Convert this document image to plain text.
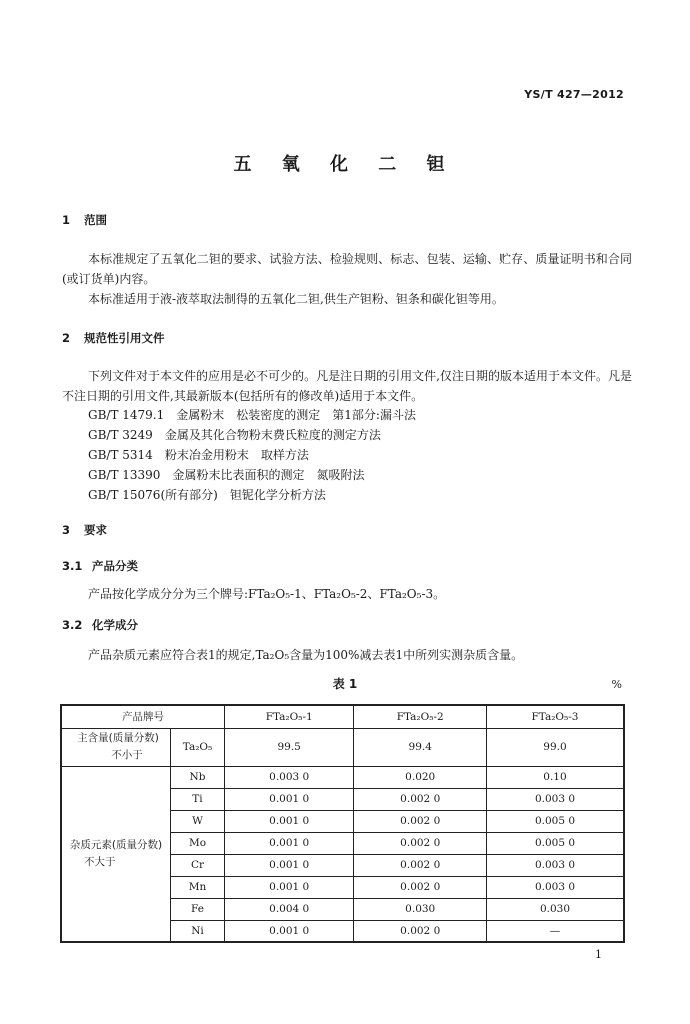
YS/T 427—2012
五 氧 化 二 钽
1 范围
本标准规定了五氧化二钽的要求、试验方法、检验规则、标志、包装、运输、贮存、质量证明书和合同(或订货单)内容。
本标准适用于液-液萃取法制得的五氧化二钽,供生产钽粉、钽条和碳化钽等用。
2 规范性引用文件
下列文件对于本文件的应用是必不可少的。凡是注日期的引用文件,仅注日期的版本适用于本文件。凡是不注日期的引用文件,其最新版本(包括所有的修改单)适用于本文件。
GB/T 1479.1　 金属粉末　松装密度的测定　第1部分:漏斗法
GB/T 3249　 金属及其化合物粉末费氏粒度的测定方法
GB/T 5314　 粉末冶金用粉末　取样方法
GB/T 13390　 金属粉末比表面积的测定　氮吸附法
GB/T 15076(所有部分)　 钽铌化学分析方法
3 要求
3.1 产品分类
产品按化学成分分为三个牌号:FTa₂O₅-1、FTa₂O₅-2、FTa₂O₅-3。
3.2 化学成分
产品杂质元素应符合表1的规定,Ta₂O₅含量为100%减去表1中所列实测杂质含量。
表 1	%
产品牌号		FTa₂O₅-1	FTa₂O₅-2	FTa₂O₅-3

主含量(质量分数)
不小于	Ta₂O₅	99.5	99.4	99.0

杂质元素(质量分数)
不大于	Nb	0.003 0	0.020	0.10
	Ti	0.001 0	0.002 0	0.003 0
	W	0.001 0	0.002 0	0.005 0
	Mo	0.001 0	0.002 0	0.005 0
	Cr	0.001 0	0.002 0	0.003 0
	Mn	0.001 0	0.002 0	0.003 0
	Fe	0.004 0	0.030	0.030
	Ni	0.001 0	0.002 0	—
1
